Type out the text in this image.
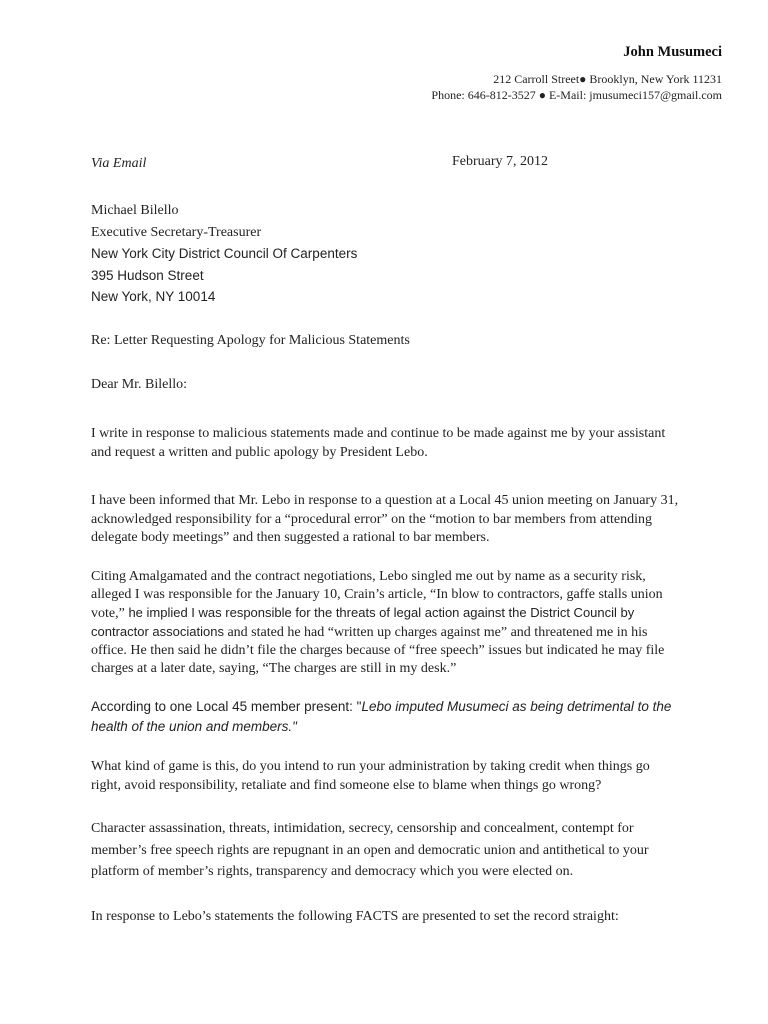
John Musumeci
212 Carroll Street● Brooklyn, New York 11231
Phone: 646-812-3527 ● E-Mail: jmusumeci157@gmail.com
Via Email	February 7, 2012
Michael Bilello
Executive Secretary-Treasurer
New York City District Council Of Carpenters
395 Hudson Street
New York, NY 10014
Re: Letter Requesting Apology for Malicious Statements
Dear Mr. Bilello:

I write in response to malicious statements made and continue to be made against me by your assistant and request a written and public apology by President Lebo.

I have been informed that Mr. Lebo in response to a question at a Local 45 union meeting on January 31, acknowledged responsibility for a “procedural error” on the “motion to bar members from attending delegate body meetings” and then suggested a rational to bar members.

Citing Amalgamated and the contract negotiations, Lebo singled me out by name as a security risk, alleged I was responsible for the January 10, Crain’s article, “In blow to contractors, gaffe stalls union vote,” he implied I was responsible for the threats of legal action against the District Council by contractor associations and stated he had “written up charges against me” and threatened me in his office. He then said he didn’t file the charges because of “free speech” issues but indicated he may file charges at a later date, saying, “The charges are still in my desk.”

According to one Local 45 member present: "Lebo imputed Musumeci as being detrimental to the health of the union and members."

What kind of game is this, do you intend to run your administration by taking credit when things go right, avoid responsibility, retaliate and find someone else to blame when things go wrong?

Character assassination, threats, intimidation, secrecy, censorship and concealment, contempt for member’s free speech rights are repugnant in an open and democratic union and antithetical to your platform of member’s rights, transparency and democracy which you were elected on.

In response to Lebo’s statements the following FACTS are presented to set the record straight:
